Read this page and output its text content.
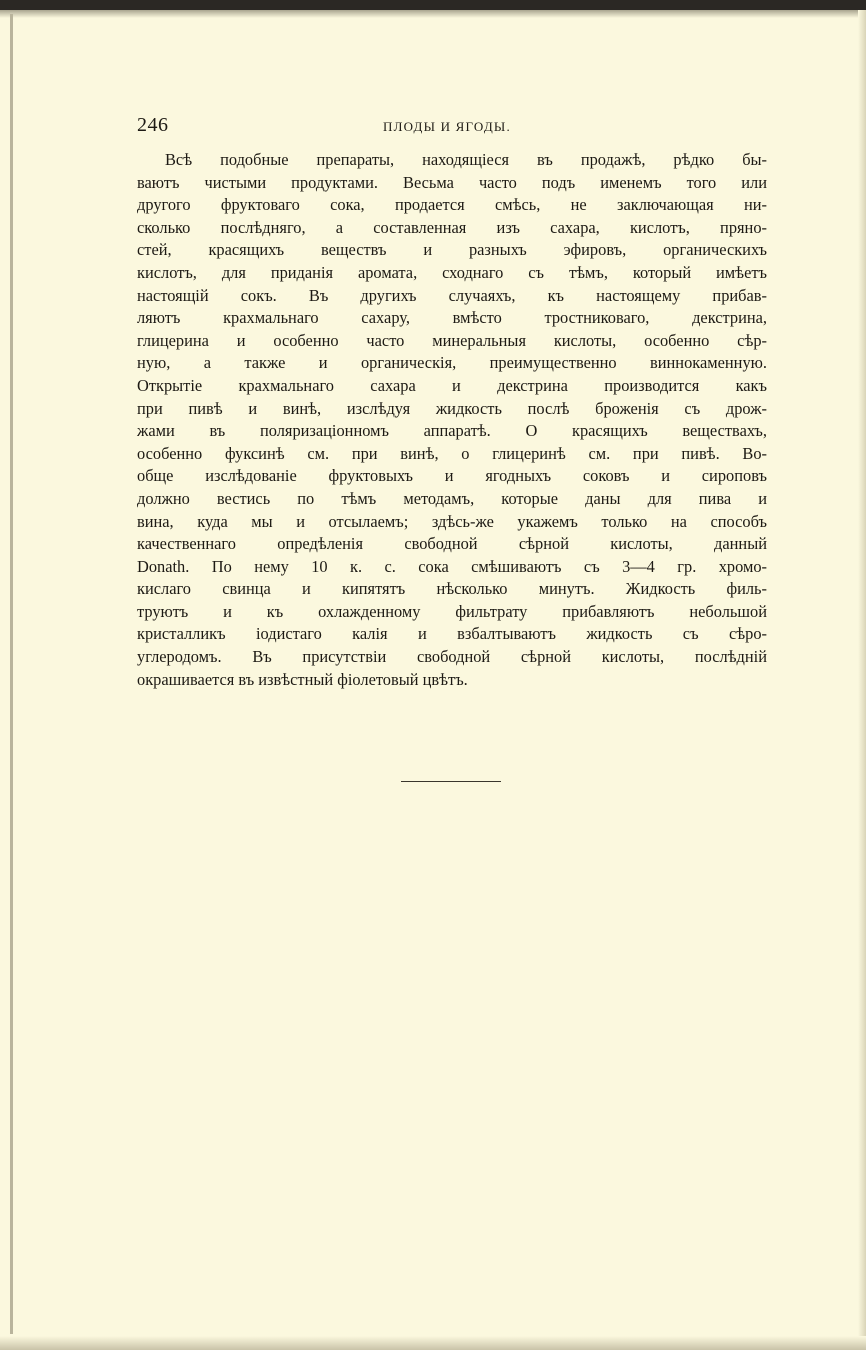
246	ПЛОДЫ И ЯГОДЫ.
Всѣ подобные препараты, находящіеся въ продажѣ, рѣдко бы-
ваютъ чистыми продуктами. Весьма часто подъ именемъ того или
другого фруктоваго сока, продается смѣсь, не заключающая ни-
сколько послѣдняго, а составленная изъ сахара, кислотъ, пряно-
стей, красящихъ веществъ и разныхъ эфировъ, органическихъ
кислотъ, для приданія аромата, сходнаго съ тѣмъ, который имѣетъ
настоящій сокъ. Въ другихъ случаяхъ, къ настоящему прибав-
ляютъ крахмальнаго сахару, вмѣсто тростниковаго, декстрина,
глицерина и особенно часто минеральныя кислоты, особенно сѣр-
ную, а также и органическія, преимущественно виннокаменную.
Открытіе крахмальнаго сахара и декстрина производится какъ
при пивѣ и винѣ, изслѣдуя жидкость послѣ броженія съ дрож-
жами въ поляризаціонномъ аппаратѣ. О красящихъ веществахъ,
особенно фуксинѣ см. при винѣ, о глицеринѣ см. при пивѣ. Во-
обще изслѣдованіе фруктовыхъ и ягодныхъ соковъ и сироповъ
должно вестись по тѣмъ методамъ, которые даны для пива и
вина, куда мы и отсылаемъ; здѣсь-же укажемъ только на способъ
качественнаго опредѣленія свободной сѣрной кислоты, данный
Donath. По нему 10 к. с. сока смѣшиваютъ съ 3—4 гр. хромо-
кислаго свинца и кипятятъ нѣсколько минутъ. Жидкость филь-
труютъ и къ охлажденному фильтрату прибавляютъ небольшой
кристалликъ іодистаго калія и взбалтываютъ жидкость съ сѣро-
углеродомъ. Въ присутствіи свободной сѣрной кислоты, послѣдній
окрашивается въ извѣстный фіолетовый цвѣтъ.
